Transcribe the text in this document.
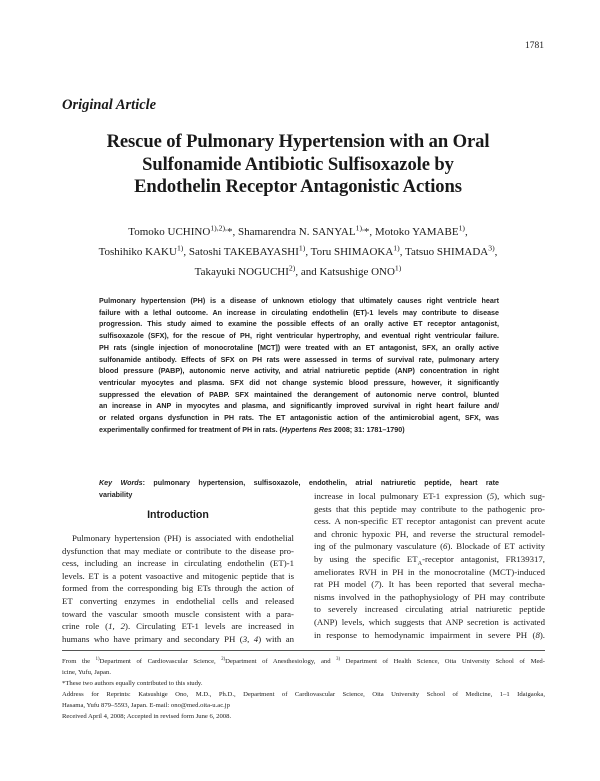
1781
Original Article
Rescue of Pulmonary Hypertension with an Oral
Sulfonamide Antibiotic Sulfisoxazole by
Endothelin Receptor Antagonistic Actions
Tomoko $UCHINO^{1),2),}*$, Shamarendra N. $SANYAL^{1),}*$, Motoko YAMABE$^{1)}$,
Toshihiko KAKU$^{1)}$, Satoshi TAKEBAYASHI$^{1)}$, Toru SHIMAOKA$^{1)}$, Tatsuo SHIMADA$^{3)}$,
Takayuki NOGUCHI$^{2)}$, and Katsushige ONO$^{1)}$
Pulmonary hypertension (PH) is a disease of unknown etiology that ultimately causes right ventricle heart
failure with a lethal outcome. An increase in circulating endothelin (ET)-1 levels may contribute to disease
progression. This study aimed to examine the possible effects of an orally active ET receptor antagonist,
sulfisoxazole (SFX), for the rescue of PH, right ventricular hypertrophy, and eventual right ventricular failure.
PH rats (single injection of monocrotaline [MCT]) were treated with an ET antagonist, SFX, an orally active
sulfonamide antibody. Effects of SFX on PH rats were assessed in terms of survival rate, pulmonary artery
blood pressure (PABP), autonomic nerve activity, and atrial natriuretic peptide (ANP) concentration in right
ventricular myocytes and plasma. SFX did not change systemic blood pressure, however, it significantly
suppressed the elevation of PABP. SFX maintained the derangement of autonomic nerve control, blunted
an increase in ANP in myocytes and plasma, and significantly improved survival in right heart failure and/
or related organs dysfunction in PH rats. The ET antagonistic action of the antimicrobial agent, SFX, was
experimentally confirmed for treatment of PH in rats. (Hypertens Res 2008; 31: 1781–1790)
Key Words: pulmonary hypertension, sulfisoxazole, endothelin, atrial natriuretic peptide, heart rate
variability
Introduction
Pulmonary hypertension (PH) is associated with endothelial
dysfunction that may mediate or contribute to the disease pro-
cess, including an increase in circulating endothelin (ET)-1
levels. ET is a potent vasoactive and mitogenic peptide that is
formed from the corresponding big ETs through the action of
ET converting enzymes in endothelial cells and released
toward the vascular smooth muscle consistent with a para-
crine role (1, 2). Circulating ET-1 levels are increased in
humans who have primary and secondary PH (3, 4) with an
increase in local pulmonary ET-1 expression (5), which sug-
gests that this peptide may contribute to the pathogenic pro-
cess. A non-specific ET receptor antagonist can prevent acute
and chronic hypoxic PH, and reverse the structural remodel-
ing of the pulmonary vasculature (6). Blockade of ET activity
by using the specific $ET_A$-receptor antagonist, FR139317,
ameliorates RVH in PH in the monocrotaline (MCT)-induced
rat PH model (7). It has been reported that several mecha-
nisms involved in the pathophysiology of PH may contribute
to severely increased circulating atrial natriuretic peptide
(ANP) levels, which suggests that ANP secretion is activated
in response to hemodynamic impairment in severe PH (8).
From the $^{1)}$Department of Cardiovascular Science, $^{2)}$Department of Anesthesiology, and $^{3)}$ Department of Health Science, Oita University School of Med-
icine, Yufu, Japan.
*These two authors equally contributed to this study.
Address for Reprints: Katsushige Ono, M.D., Ph.D., Department of Cardiovascular Science, Oita University School of Medicine, 1–1 Idaigaoka,
Hasama, Yufu 879–5593, Japan. E-mail: ono@med.oita-u.ac.jp
Received April 4, 2008; Accepted in revised form June 6, 2008.
